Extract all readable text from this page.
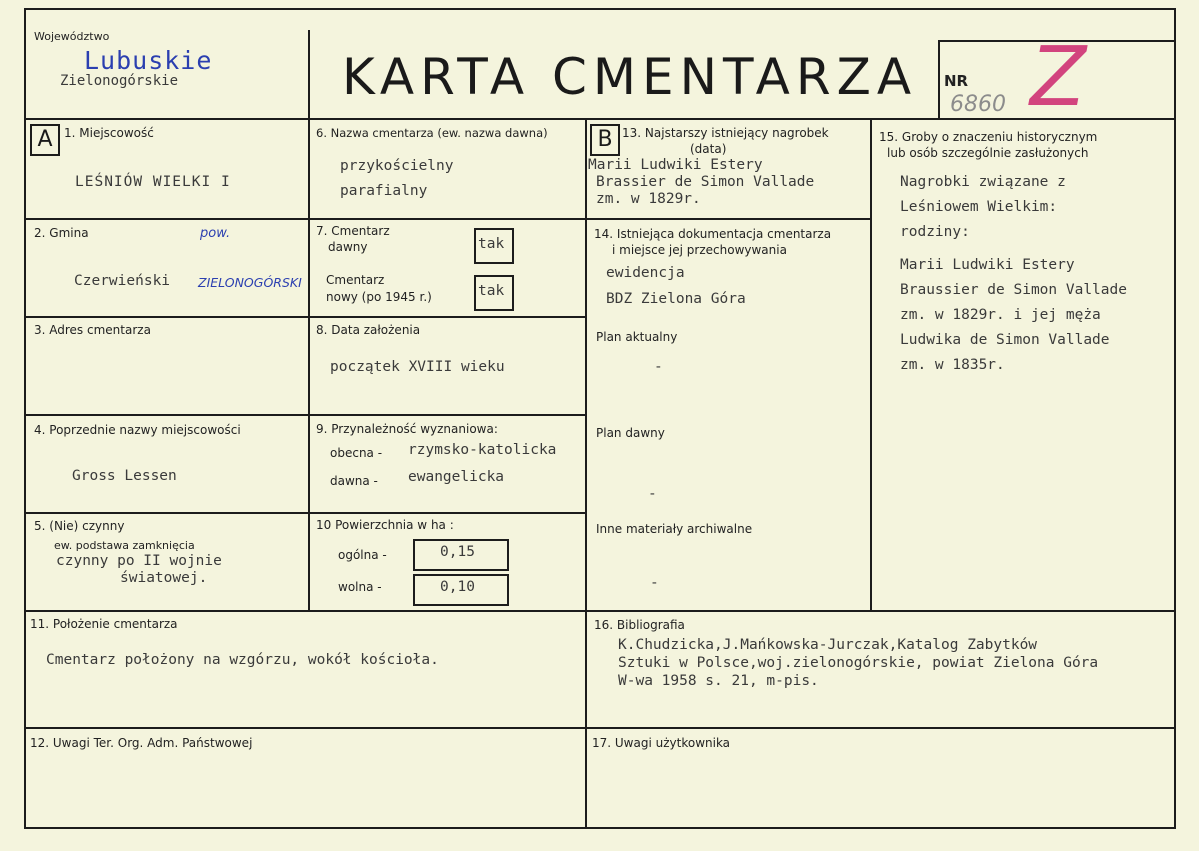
Województwo
Lubuskie
Zielonogórskie	KARTA CMENTARZA NR
6860 Z
A	B
1. Miejscowość
LEŚNIÓW WIELKI I
2. Gmina	pow.
Czerwieński ZIELONOGÓRSKI
3. Adres cmentarza
4. Poprzednie nazwy miejscowości
Gross Lessen
5. (Nie) czynny
ew. podstawa zamknięcia
czynny po II wojnie
światowej.
6. Nazwa cmentarza (ew. nazwa dawna)
przykościelny
parafialny
7. Cmentarz
dawny	tak
Cmentarz
nowy (po 1945 r.)	tak
8. Data założenia
początek XVIII wieku
9. Przynależność wyznaniowa:
obecna - rzymsko-katolicka
dawna - ewangelicka
10 Powierzchnia w ha :
ogólna -	0,15
wolna -	0,10
11. Położenie cmentarza
Cmentarz położony na wzgórzu, wokół kościoła.
12. Uwagi Ter. Org. Adm. Państwowej
13. Najstarszy istniejący nagrobek
(data)
Marii Ludwiki Estery
Brassier de Simon Vallade
zm. w 1829r.
14. Istniejąca dokumentacja cmentarza
i miejsce jej przechowywania
ewidencja
BDZ Zielona Góra
Plan aktualny
-
Plan dawny
-
Inne materiały archiwalne
-
15. Groby o znaczeniu historycznym
lub osób szczególnie zasłużonych
Nagrobki związane z
Leśniowem Wielkim:
rodziny:
Marii Ludwiki Estery
Braussier de Simon Vallade
zm. w 1829r. i jej męża
Ludwika de Simon Vallade
zm. w 1835r.
16. Bibliografia
K.Chudzicka,J.Mańkowska-Jurczak,Katalog Zabytków
Sztuki w Polsce,woj.zielonogórskie, powiat Zielona Góra
W-wa 1958 s. 21, m-pis.
17. Uwagi użytkownika
